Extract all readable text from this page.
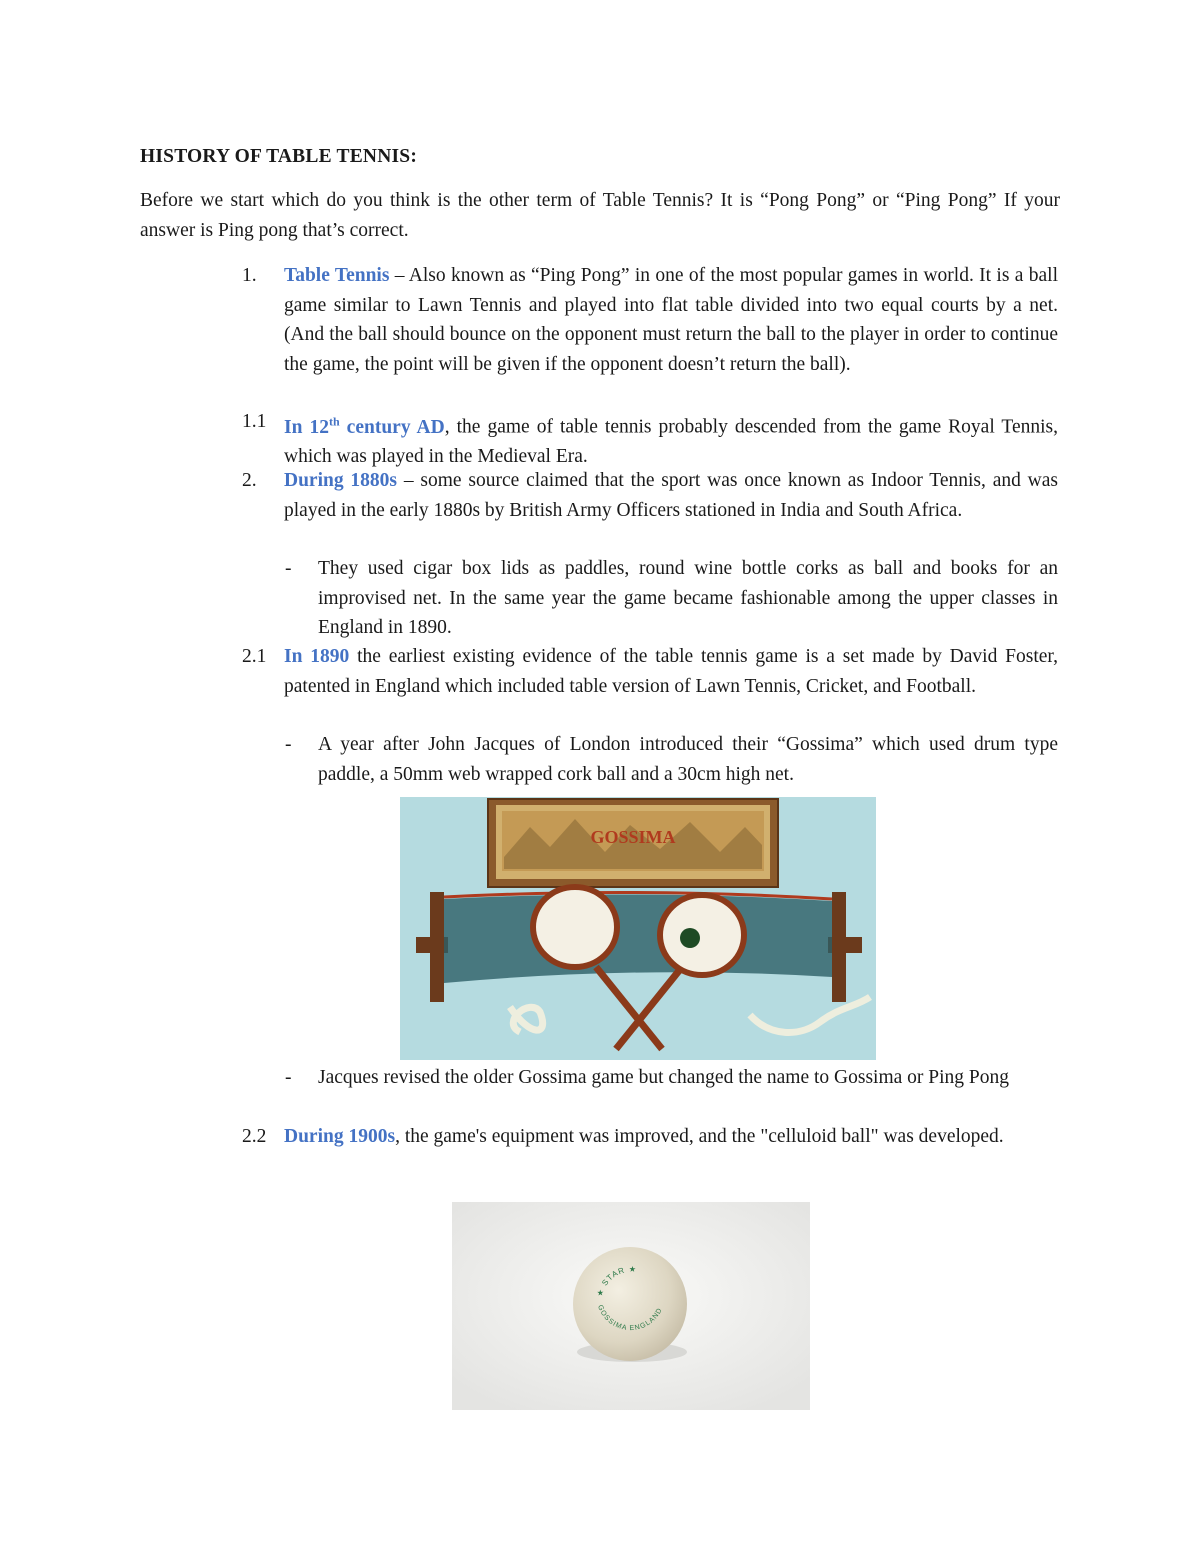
HISTORY OF TABLE TENNIS:
Before we start which do you think is the other term of Table Tennis? It is “Pong Pong” or “Ping Pong” If your answer is Ping pong that’s correct.
1. Table Tennis – Also known as “Ping Pong” in one of the most popular games in world. It is a ball game similar to Lawn Tennis and played into flat table divided into two equal courts by a net. (And the ball should bounce on the opponent must return the ball to the player in order to continue the game, the point will be given if the opponent doesn’t return the ball).
1.1 In 12th century AD, the game of table tennis probably descended from the game Royal Tennis, which was played in the Medieval Era.
2. During 1880s – some source claimed that the sport was once known as Indoor Tennis, and was played in the early 1880s by British Army Officers stationed in India and South Africa.
- They used cigar box lids as paddles, round wine bottle corks as ball and books for an improvised net. In the same year the game became fashionable among the upper classes in England in 1890.
2.1 In 1890 the earliest existing evidence of the table tennis game is a set made by David Foster, patented in England which included table version of Lawn Tennis, Cricket, and Football.
- A year after John Jacques of London introduced their “Gossima” which used drum type paddle, a 50mm web wrapped cork ball and a 30cm high net.
GOSSIMA
- Jacques revised the older Gossima game but changed the name to Gossima or Ping Pong
2.2 During 1900s, the game's equipment was improved, and the "celluloid ball" was developed.
★ STAR ★
GOSSIMA ENGLAND
